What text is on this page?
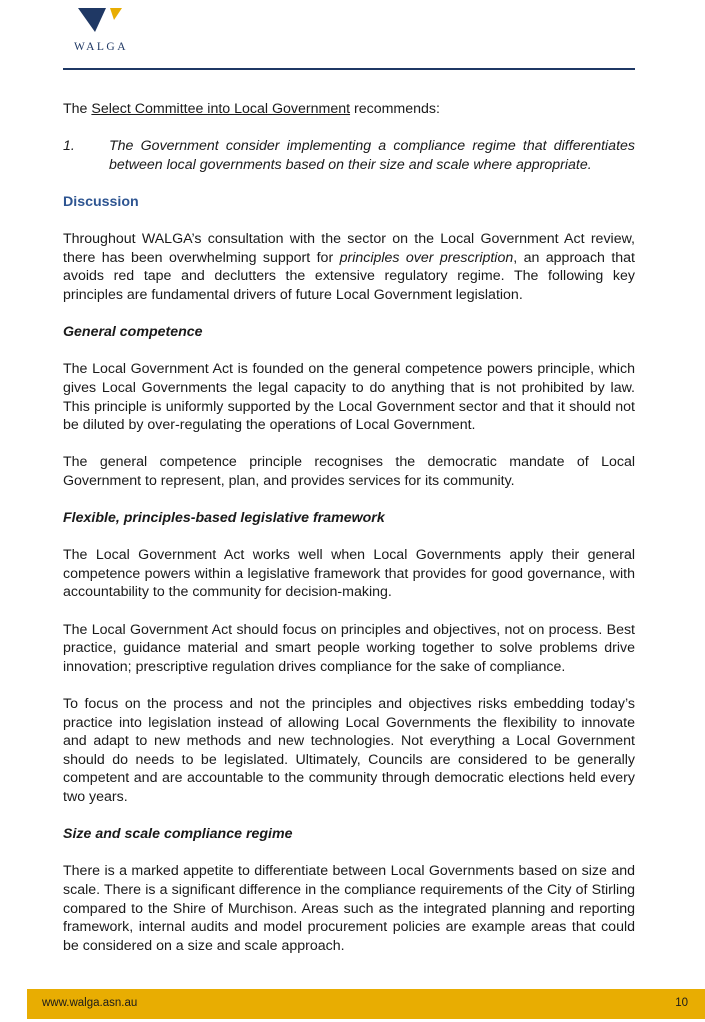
WALGA

The Select Committee into Local Government recommends:

1.	The Government consider implementing a compliance regime that differentiates between local governments based on their size and scale where appropriate.

Discussion

Throughout WALGA’s consultation with the sector on the Local Government Act review, there has been overwhelming support for principles over prescription, an approach that avoids red tape and declutters the extensive regulatory regime. The following key principles are fundamental drivers of future Local Government legislation.

General competence

The Local Government Act is founded on the general competence powers principle, which gives Local Governments the legal capacity to do anything that is not prohibited by law. This principle is uniformly supported by the Local Government sector and that it should not be diluted by over-regulating the operations of Local Government.

The general competence principle recognises the democratic mandate of Local Government to represent, plan, and provides services for its community.

Flexible, principles-based legislative framework

The Local Government Act works well when Local Governments apply their general competence powers within a legislative framework that provides for good governance, with accountability to the community for decision-making.

The Local Government Act should focus on principles and objectives, not on process. Best practice, guidance material and smart people working together to solve problems drive innovation; prescriptive regulation drives compliance for the sake of compliance.

To focus on the process and not the principles and objectives risks embedding today’s practice into legislation instead of allowing Local Governments the flexibility to innovate and adapt to new methods and new technologies. Not everything a Local Government should do needs to be legislated. Ultimately, Councils are considered to be generally competent and are accountable to the community through democratic elections held every two years.

Size and scale compliance regime

There is a marked appetite to differentiate between Local Governments based on size and scale. There is a significant difference in the compliance requirements of the City of Stirling compared to the Shire of Murchison. Areas such as the integrated planning and reporting framework, internal audits and model procurement policies are example areas that could be considered on a size and scale approach.

www.walga.asn.au	10
